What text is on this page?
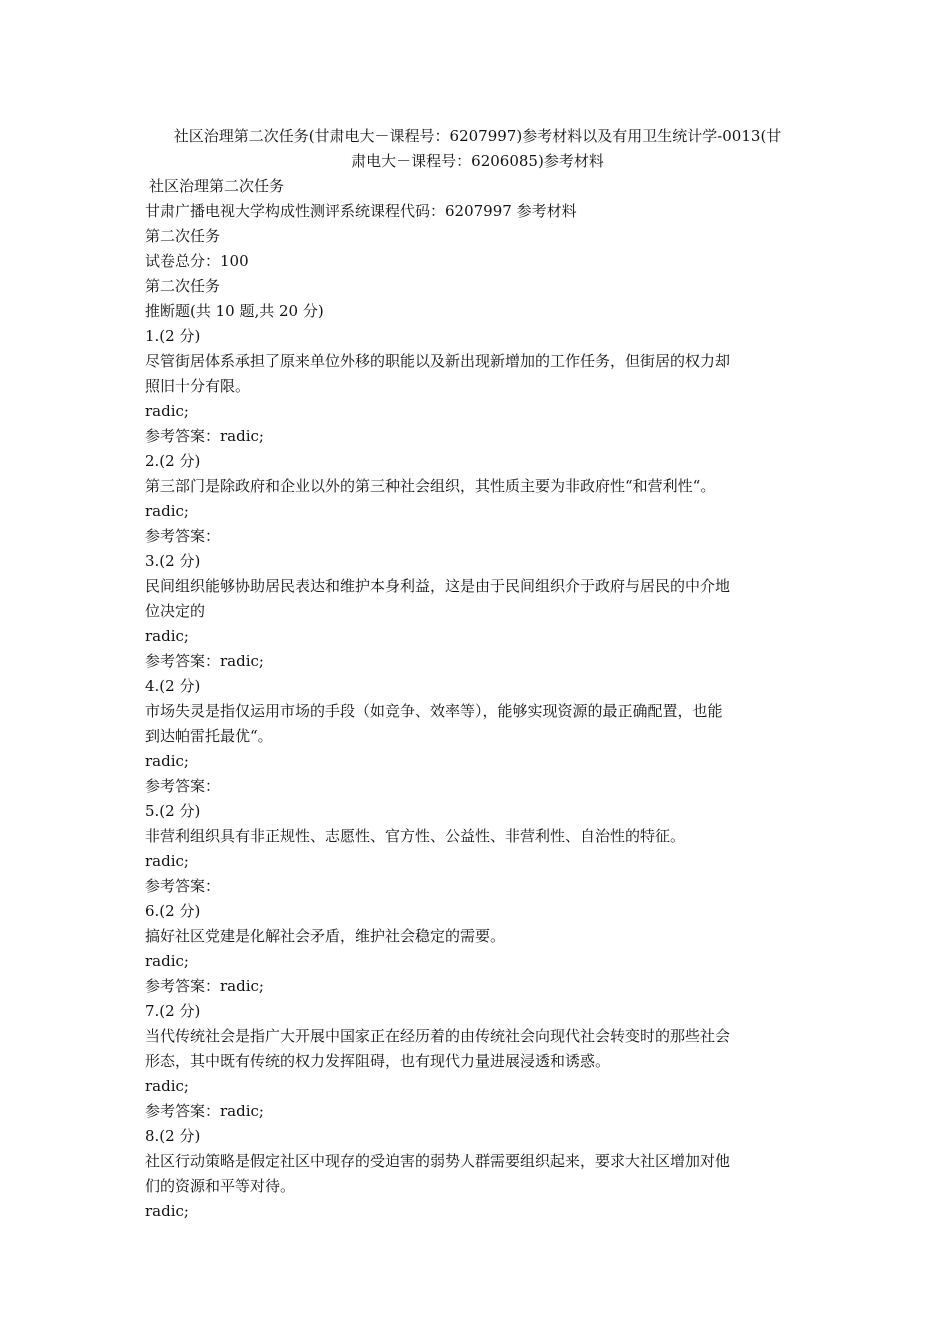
社区治理第二次任务(甘肃电大－课程号：6207997)参考材料以及有用卫生统计学-0013(甘
肃电大－课程号：6206085)参考材料
社区治理第二次任务
甘肃广播电视大学构成性测评系统课程代码：6207997 参考材料
第二次任务
试卷总分：100
第二次任务
推断题(共 10 题,共 20 分)
1.(2 分)
尽管街居体系承担了原来单位外移的职能以及新出现新增加的工作任务，但街居的权力却
照旧十分有限。
radic;
参考答案：radic;
2.(2 分)
第三部门是除政府和企业以外的第三种社会组织，其性质主要为非政府性“和营利性“。
radic;
参考答案：
3.(2 分)
民间组织能够协助居民表达和维护本身利益，这是由于民间组织介于政府与居民的中介地
位决定的
radic;
参考答案：radic;
4.(2 分)
市场失灵是指仅运用市场的手段（如竞争、效率等），能够实现资源的最正确配置，也能
到达帕雷托最优“。
radic;
参考答案：
5.(2 分)
非营利组织具有非正规性、志愿性、官方性、公益性、非营利性、自治性的特征。
radic;
参考答案：
6.(2 分)
搞好社区党建是化解社会矛盾，维护社会稳定的需要。
radic;
参考答案：radic;
7.(2 分)
当代传统社会是指广大开展中国家正在经历着的由传统社会向现代社会转变时的那些社会
形态，其中既有传统的权力发挥阻碍，也有现代力量进展浸透和诱惑。
radic;
参考答案：radic;
8.(2 分)
社区行动策略是假定社区中现存的受迫害的弱势人群需要组织起来，要求大社区增加对他
们的资源和平等对待。
radic;
